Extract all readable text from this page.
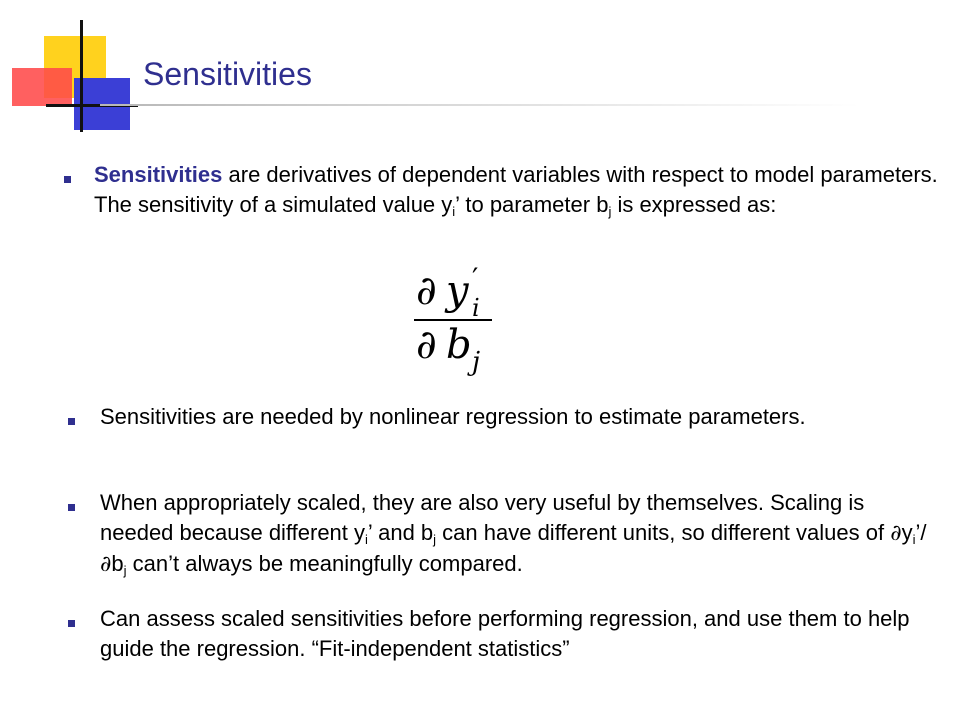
Sensitivities

Sensitivities are derivatives of dependent variables with respect to model parameters. The sensitivity of a simulated value $y_i$’ to parameter $b_j$ is expressed as:

∂ y ′
i
∂ b j

Sensitivities are needed by nonlinear regression to estimate parameters.

When appropriately scaled, they are also very useful by themselves. Scaling is needed because different $y_i$’ and $b_j$ can have different units, so different values of $\partial y_i’/$ $\partial b_j$ can’t always be meaningfully compared.

Can assess scaled sensitivities before performing regression, and use them to help guide the regression. “Fit-independent statistics”
